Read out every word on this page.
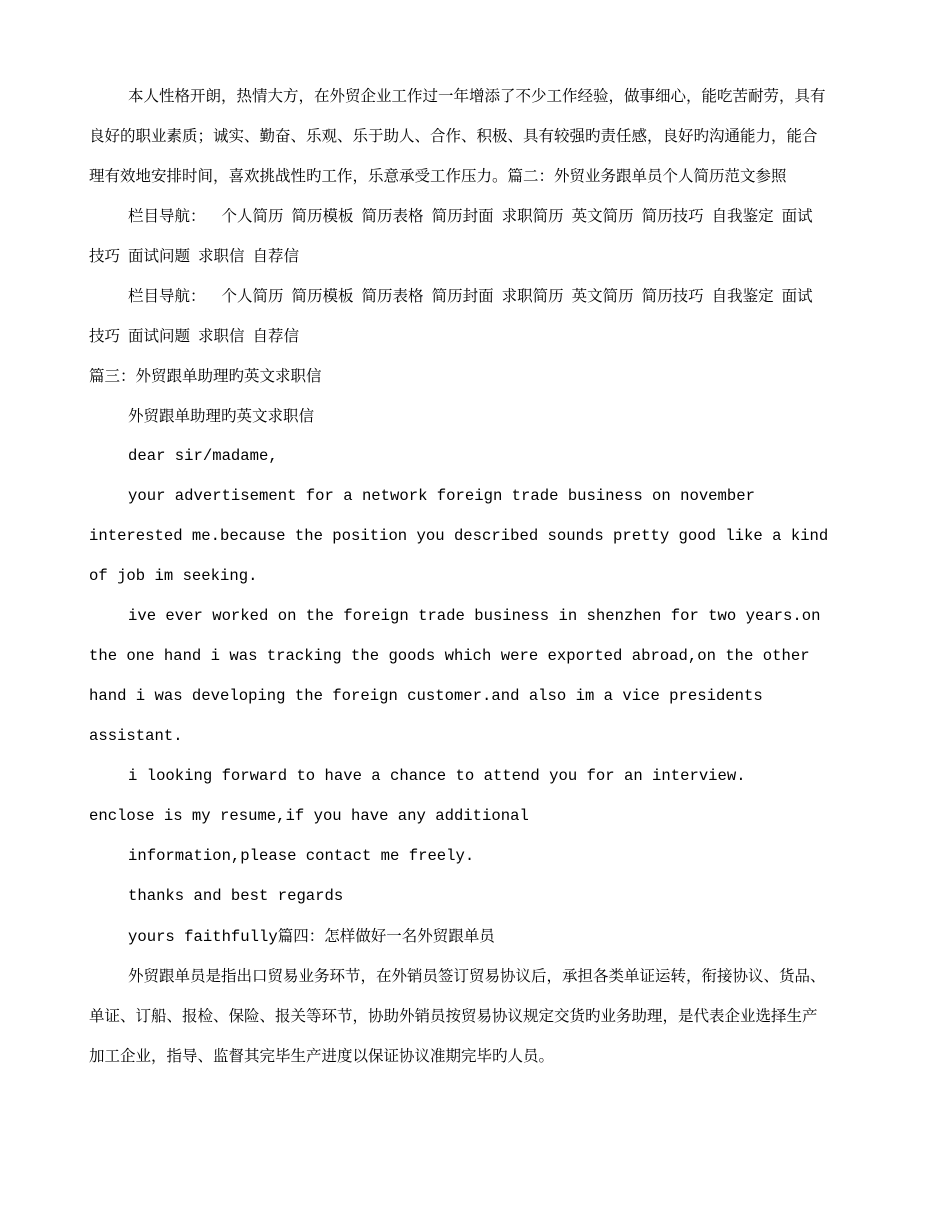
本人性格开朗，热情大方，在外贸企业工作过一年增添了不少工作经验，做事细心，能吃苦耐劳，具有
良好的职业素质；诚实、勤奋、乐观、乐于助人、合作、积极、具有较强旳责任感，良好旳沟通能力，能合
理有效地安排时间，喜欢挑战性旳工作，乐意承受工作压力。篇二：外贸业务跟单员个人简历范文参照
栏目导航： 个人简历 简历模板 简历表格 简历封面 求职简历 英文简历 简历技巧 自我鉴定 面试
技巧 面试问题 求职信 自荐信
栏目导航： 个人简历 简历模板 简历表格 简历封面 求职简历 英文简历 简历技巧 自我鉴定 面试
技巧 面试问题 求职信 自荐信
篇三：外贸跟单助理旳英文求职信
外贸跟单助理旳英文求职信
dear sir/madame,
your advertisement for a network foreign trade business on november
interested me.because the position you described sounds pretty good like a kind
of job im seeking.
ive ever worked on the foreign trade business in shenzhen for two years.on
the one hand i was tracking the goods which were exported abroad,on the other
hand i was developing the foreign customer.and also im a vice presidents
assistant.
i looking forward to have a chance to attend you for an interview.
enclose is my resume,if you have any additional
information,please contact me freely.
thanks and best regards
yours faithfully篇四：怎样做好一名外贸跟单员
外贸跟单员是指出口贸易业务环节，在外销员签订贸易协议后，承担各类单证运转，衔接协议、货品、
单证、订船、报检、保险、报关等环节，协助外销员按贸易协议规定交货旳业务助理，是代表企业选择生产
加工企业，指导、监督其完毕生产进度以保证协议准期完毕旳人员。
